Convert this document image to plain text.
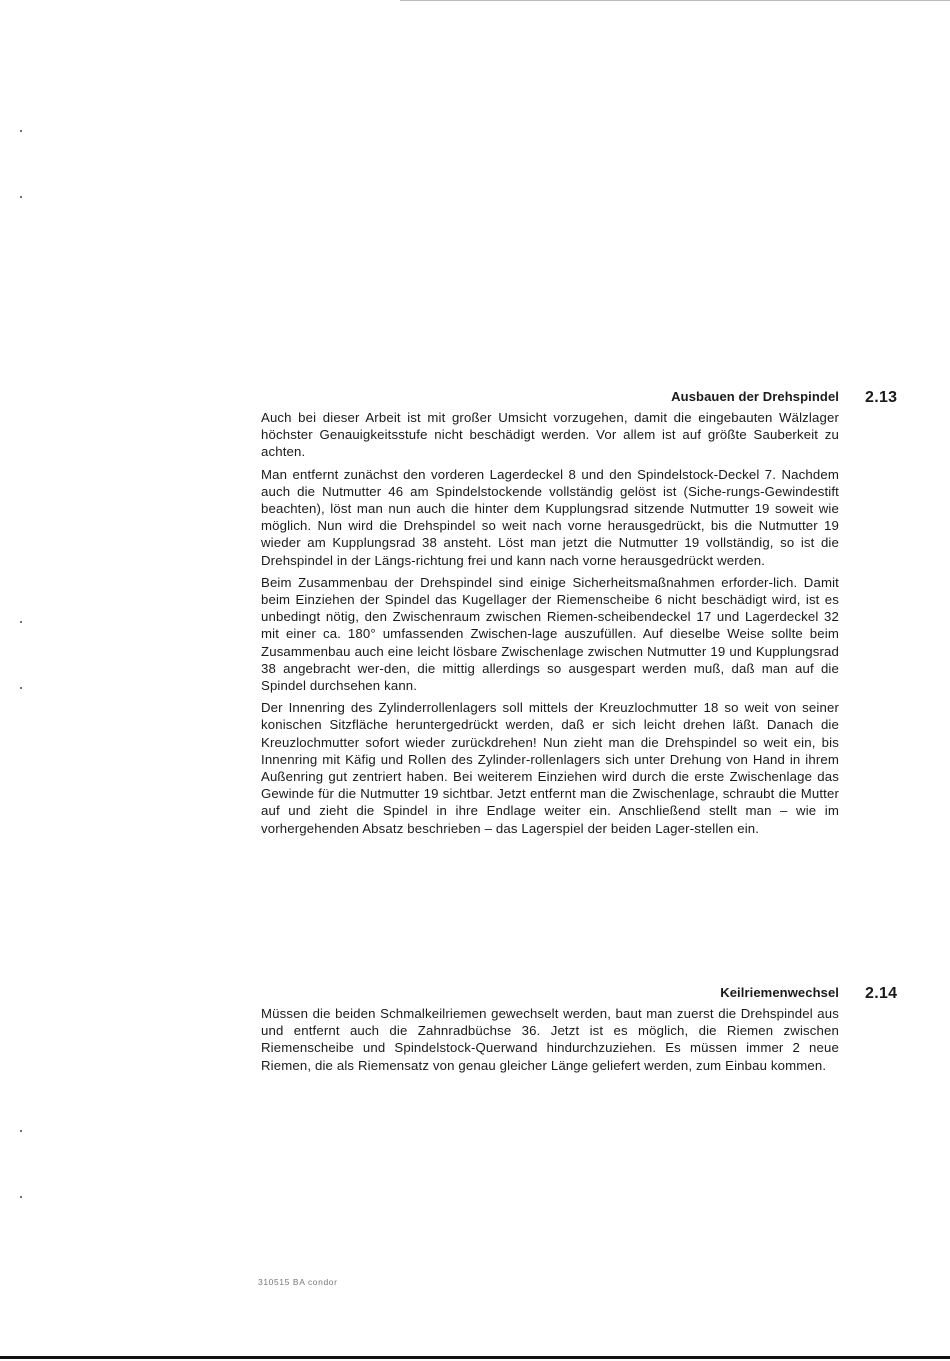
2.13
Ausbauen der Drehspindel

Auch bei dieser Arbeit ist mit großer Umsicht vorzugehen, damit die eingebauten Wälzlager höchster Genauigkeitsstufe nicht beschädigt werden. Vor allem ist auf größte Sauberkeit zu achten.

Man entfernt zunächst den vorderen Lagerdeckel 8 und den Spindelstock-Deckel 7. Nachdem auch die Nutmutter 46 am Spindelstockende vollständig gelöst ist (Siche-rungs-Gewindestift beachten), löst man nun auch die hinter dem Kupplungsrad sitzende Nutmutter 19 soweit wie möglich. Nun wird die Drehspindel so weit nach vorne herausgedrückt, bis die Nutmutter 19 wieder am Kupplungsrad 38 ansteht. Löst man jetzt die Nutmutter 19 vollständig, so ist die Drehspindel in der Längs-richtung frei und kann nach vorne herausgedrückt werden.

Beim Zusammenbau der Drehspindel sind einige Sicherheitsmaßnahmen erforder-lich. Damit beim Einziehen der Spindel das Kugellager der Riemenscheibe 6 nicht beschädigt wird, ist es unbedingt nötig, den Zwischenraum zwischen Riemen-scheibendeckel 17 und Lagerdeckel 32 mit einer ca. 180° umfassenden Zwischen-lage auszufüllen. Auf dieselbe Weise sollte beim Zusammenbau auch eine leicht lösbare Zwischenlage zwischen Nutmutter 19 und Kupplungsrad 38 angebracht wer-den, die mittig allerdings so ausgespart werden muß, daß man auf die Spindel durchsehen kann.

Der Innenring des Zylinderrollenlagers soll mittels der Kreuzlochmutter 18 so weit von seiner konischen Sitzfläche heruntergedrückt werden, daß er sich leicht drehen läßt. Danach die Kreuzlochmutter sofort wieder zurückdrehen! Nun zieht man die Drehspindel so weit ein, bis Innenring mit Käfig und Rollen des Zylinder-rollenlagers sich unter Drehung von Hand in ihrem Außenring gut zentriert haben. Bei weiterem Einziehen wird durch die erste Zwischenlage das Gewinde für die Nutmutter 19 sichtbar. Jetzt entfernt man die Zwischenlage, schraubt die Mutter auf und zieht die Spindel in ihre Endlage weiter ein. Anschließend stellt man – wie im vorhergehenden Absatz beschrieben – das Lagerspiel der beiden Lager-stellen ein.

2.14
Keilriemenwechsel

Müssen die beiden Schmalkeilriemen gewechselt werden, baut man zuerst die Drehspindel aus und entfernt auch die Zahnradbüchse 36. Jetzt ist es möglich, die Riemen zwischen Riemenscheibe und Spindelstock-Querwand hindurchzuziehen. Es müssen immer 2 neue Riemen, die als Riemensatz von genau gleicher Länge geliefert werden, zum Einbau kommen.

310515 BA condor
